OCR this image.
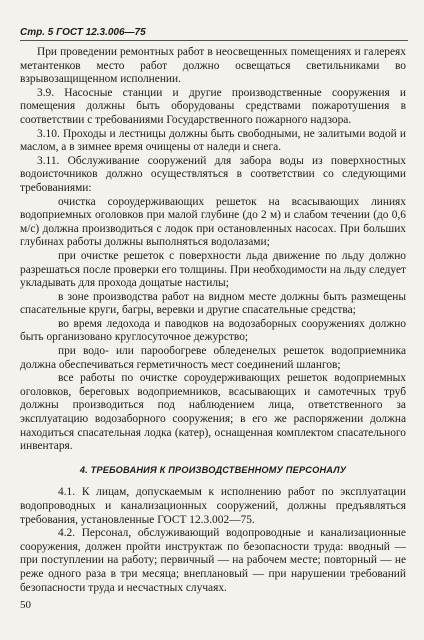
Стр. 5 ГОСТ 12.3.006—75

При проведении ремонтных работ в неосвещенных помещениях и галереях метантенков место работ должно освещаться светильниками во взрывозащищенном исполнении.

3.9. Насосные станции и другие производственные сооружения и помещения должны быть оборудованы средствами пожаротушения в соответствии с требованиями Государственного пожарного надзора.

3.10. Проходы и лестницы должны быть свободными, не залитыми водой и маслом, а в зимнее время очищены от наледи и снега.

3.11. Обслуживание сооружений для забора воды из поверхностных водоисточников должно осуществляться в соответствии со следующими требованиями:

очистка сороудерживающих решеток на всасывающих линиях водоприемных оголовков при малой глубине (до 2 м) и слабом течении (до 0,6 м/с) должна производиться с лодок при остановленных насосах. При больших глубинах работы должны выполняться водолазами;

при очистке решеток с поверхности льда движение по льду должно разрешаться после проверки его толщины. При необходимости на льду следует укладывать для прохода дощатые настилы;

в зоне производства работ на видном месте должны быть размещены спасательные круги, багры, веревки и другие спасательные средства;

во время ледохода и паводков на водозаборных сооружениях должно быть организовано круглосуточное дежурство;

при водо- или парообогреве обледенелых решеток водоприемника должна обеспечиваться герметичность мест соединений шлангов;

все работы по очистке сороудерживающих решеток водоприемных оголовков, береговых водоприемников, всасывающих и самотечных труб должны производиться под наблюдением лица, ответственного за эксплуатацию водозаборного сооружения; в его же распоряжении должна находиться спасательная лодка (катер), оснащенная комплектом спасательного инвентаря.

4. ТРЕБОВАНИЯ К ПРОИЗВОДСТВЕННОМУ ПЕРСОНАЛУ

4.1. К лицам, допускаемым к исполнению работ по эксплуатации водопроводных и канализационных сооружений, должны предъявляться требования, установленные ГОСТ 12.3.002—75.

4.2. Персонал, обслуживающий водопроводные и канализационные сооружения, должен пройти инструктаж по безопасности труда: вводный — при поступлении на работу; первичный — на рабочем месте; повторный — не реже одного раза в три месяца; внеплановый — при нарушении требований безопасности труда и несчастных случаях.

50
